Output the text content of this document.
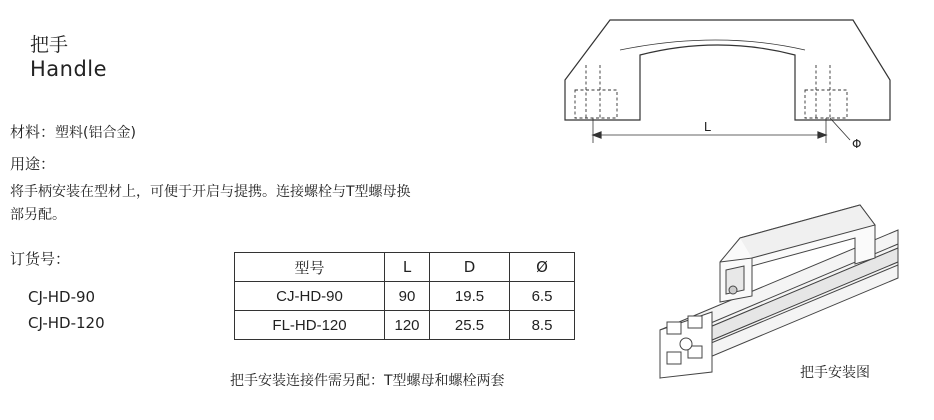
把手
Handle
材料：塑料(铝合金)
用途：
将手柄安装在型材上，可便于开启与提携。连接螺栓与T型螺母换部另配。
订货号：
CJ-HD-90
CJ-HD-120
型号	L	D	Ø
CJ-HD-90	90	19.5	6.5
FL-HD-120	120	25.5	8.5
把手安装连接件需另配：T型螺母和螺栓两套
L
Φ
把手安装图
